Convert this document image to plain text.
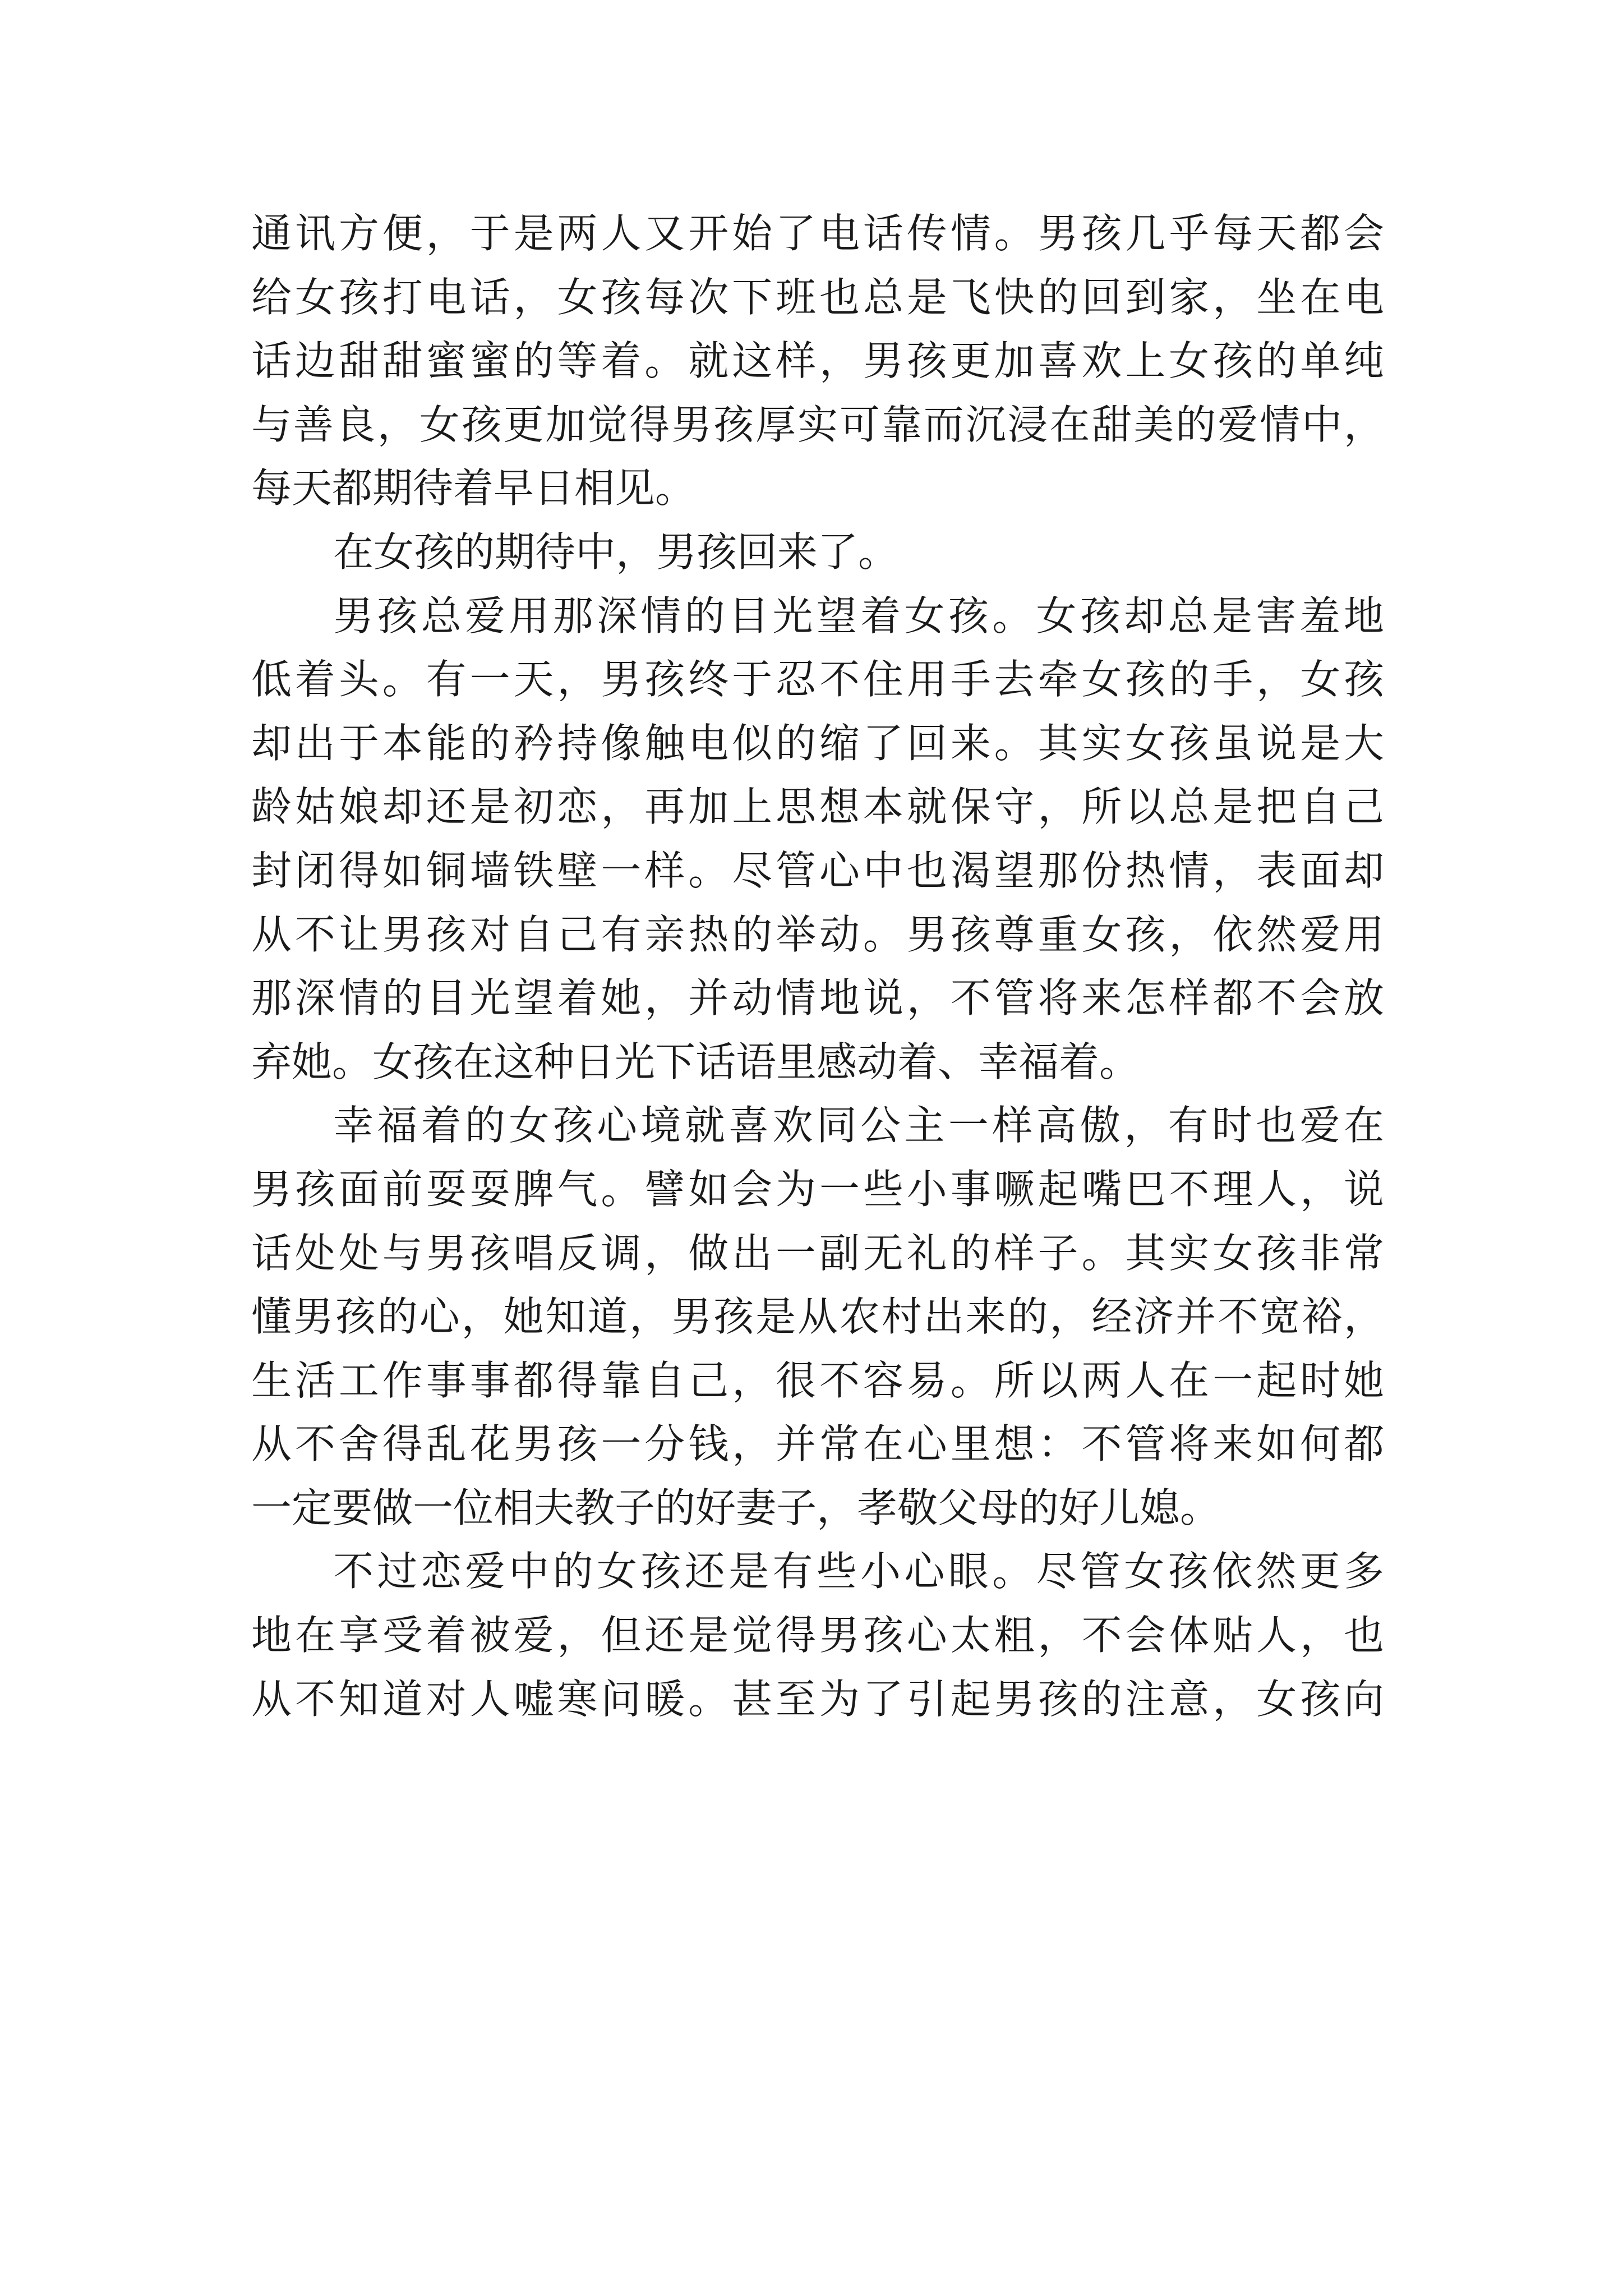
通讯方便，于是两人又开始了电话传情。男孩几乎每天都会
给女孩打电话，女孩每次下班也总是飞快的回到家，坐在电
话边甜甜蜜蜜的等着。就这样，男孩更加喜欢上女孩的单纯
与善良，女孩更加觉得男孩厚实可靠而沉浸在甜美的爱情中，
每天都期待着早日相见。
在女孩的期待中，男孩回来了。
男孩总爱用那深情的目光望着女孩。女孩却总是害羞地
低着头。有一天，男孩终于忍不住用手去牵女孩的手，女孩
却出于本能的矜持像触电似的缩了回来。其实女孩虽说是大
龄姑娘却还是初恋，再加上思想本就保守，所以总是把自己
封闭得如铜墙铁壁一样。尽管心中也渴望那份热情，表面却
从不让男孩对自己有亲热的举动。男孩尊重女孩，依然爱用
那深情的目光望着她，并动情地说，不管将来怎样都不会放
弃她。女孩在这种日光下话语里感动着、幸福着。
幸福着的女孩心境就喜欢同公主一样高傲，有时也爱在
男孩面前耍耍脾气。譬如会为一些小事噘起嘴巴不理人，说
话处处与男孩唱反调，做出一副无礼的样子。其实女孩非常
懂男孩的心，她知道，男孩是从农村出来的，经济并不宽裕，
生活工作事事都得靠自己，很不容易。所以两人在一起时她
从不舍得乱花男孩一分钱，并常在心里想：不管将来如何都
一定要做一位相夫教子的好妻子，孝敬父母的好儿媳。
不过恋爱中的女孩还是有些小心眼。尽管女孩依然更多
地在享受着被爱，但还是觉得男孩心太粗，不会体贴人，也
从不知道对人嘘寒问暖。甚至为了引起男孩的注意，女孩向
